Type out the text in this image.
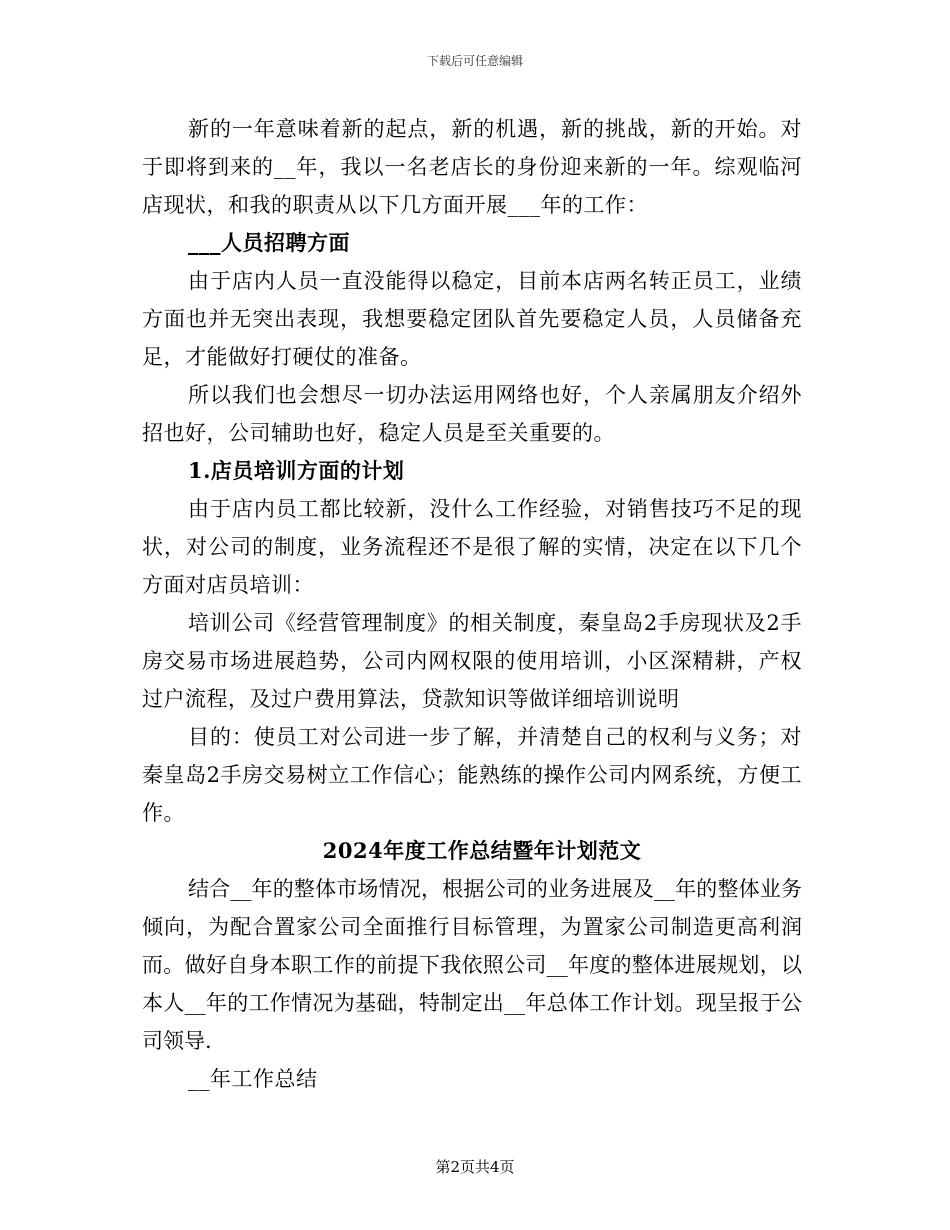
下载后可任意编辑

新的一年意味着新的起点，新的机遇，新的挑战，新的开始。对于即将到来的__年，我以一名老店长的身份迎来新的一年。综观临河店现状，和我的职责从以下几方面开展___年的工作：

___人员招聘方面

由于店内人员一直没能得以稳定，目前本店两名转正员工，业绩方面也并无突出表现，我想要稳定团队首先要稳定人员，人员储备充足，才能做好打硬仗的准备。

所以我们也会想尽一切办法运用网络也好，个人亲属朋友介绍外招也好，公司辅助也好，稳定人员是至关重要的。

1.店员培训方面的计划

由于店内员工都比较新，没什么工作经验，对销售技巧不足的现状，对公司的制度，业务流程还不是很了解的实情，决定在以下几个方面对店员培训：

培训公司《经营管理制度》的相关制度，秦皇岛2手房现状及2手房交易市场进展趋势，公司内网权限的使用培训，小区深精耕，产权过户流程，及过户费用算法，贷款知识等做详细培训说明

目的：使员工对公司进一步了解，并清楚自己的权利与义务；对秦皇岛2手房交易树立工作信心；能熟练的操作公司内网系统，方便工作。

2024年度工作总结暨年计划范文

结合__年的整体市场情况，根据公司的业务进展及__年的整体业务倾向，为配合置家公司全面推行目标管理，为置家公司制造更高利润而。做好自身本职工作的前提下我依照公司__年度的整体进展规划，以本人__年的工作情况为基础，特制定出__年总体工作计划。现呈报于公司领导.

__年工作总结

第2页共4页
